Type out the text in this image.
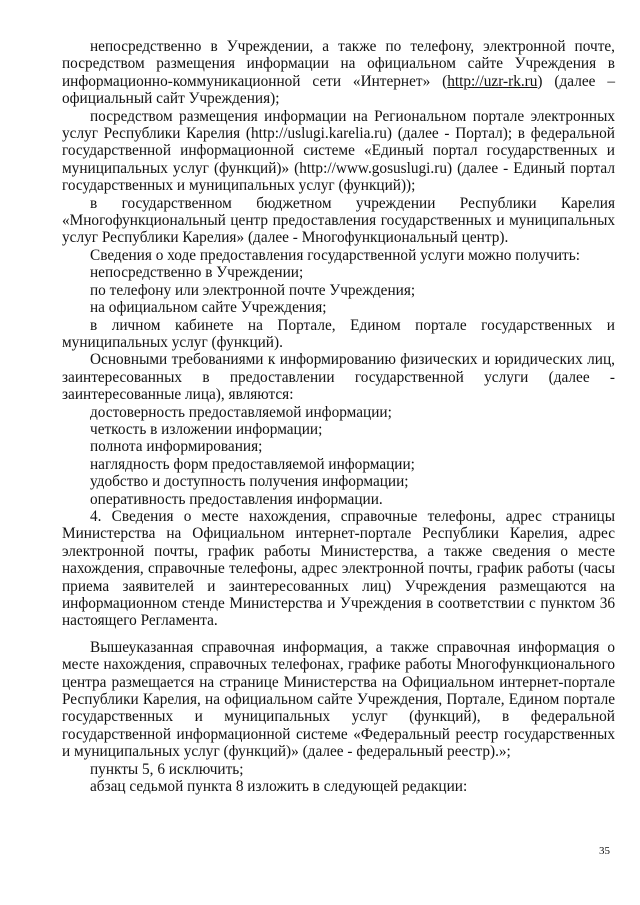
непосредственно в Учреждении, а также по телефону, электронной почте, посредством размещения информации на официальном сайте Учреждения в информационно-коммуникационной сети «Интернет» (http://uzr-rk.ru) (далее – официальный сайт Учреждения);

посредством размещения информации на Региональном портале электронных услуг Республики Карелия (http://uslugi.karelia.ru) (далее - Портал); в федеральной государственной информационной системе «Единый портал государственных и муниципальных услуг (функций)» (http://www.gosuslugi.ru) (далее - Единый портал государственных и муниципальных услуг (функций));

в государственном бюджетном учреждении Республики Карелия «Многофункциональный центр предоставления государственных и муниципальных услуг Республики Карелия» (далее - Многофункциональный центр).

Сведения о ходе предоставления государственной услуги можно получить:

непосредственно в Учреждении;

по телефону или электронной почте Учреждения;

на официальном сайте Учреждения;

в личном кабинете на Портале, Едином портале государственных и муниципальных услуг (функций).

Основными требованиями к информированию физических и юридических лиц, заинтересованных в предоставлении государственной услуги (далее - заинтересованные лица), являются:

достоверность предоставляемой информации;

четкость в изложении информации;

полнота информирования;

наглядность форм предоставляемой информации;

удобство и доступность получения информации;

оперативность предоставления информации.

4. Сведения о месте нахождения, справочные телефоны, адрес страницы Министерства на Официальном интернет-портале Республики Карелия, адрес электронной почты, график работы Министерства, а также сведения о месте нахождения, справочные телефоны, адрес электронной почты, график работы (часы приема заявителей и заинтересованных лиц) Учреждения размещаются на информационном стенде Министерства и Учреждения в соответствии с пунктом 36 настоящего Регламента.

Вышеуказанная справочная информация, а также справочная информация о месте нахождения, справочных телефонах, графике работы Многофункционального центра размещается на странице Министерства на Официальном интернет-портале Республики Карелия, на официальном сайте Учреждения, Портале, Едином портале государственных и муниципальных услуг (функций), в федеральной государственной информационной системе «Федеральный реестр государственных и муниципальных услуг (функций)» (далее - федеральный реестр).»;

пункты 5, 6 исключить;

абзац седьмой пункта 8 изложить в следующей редакции:

35
